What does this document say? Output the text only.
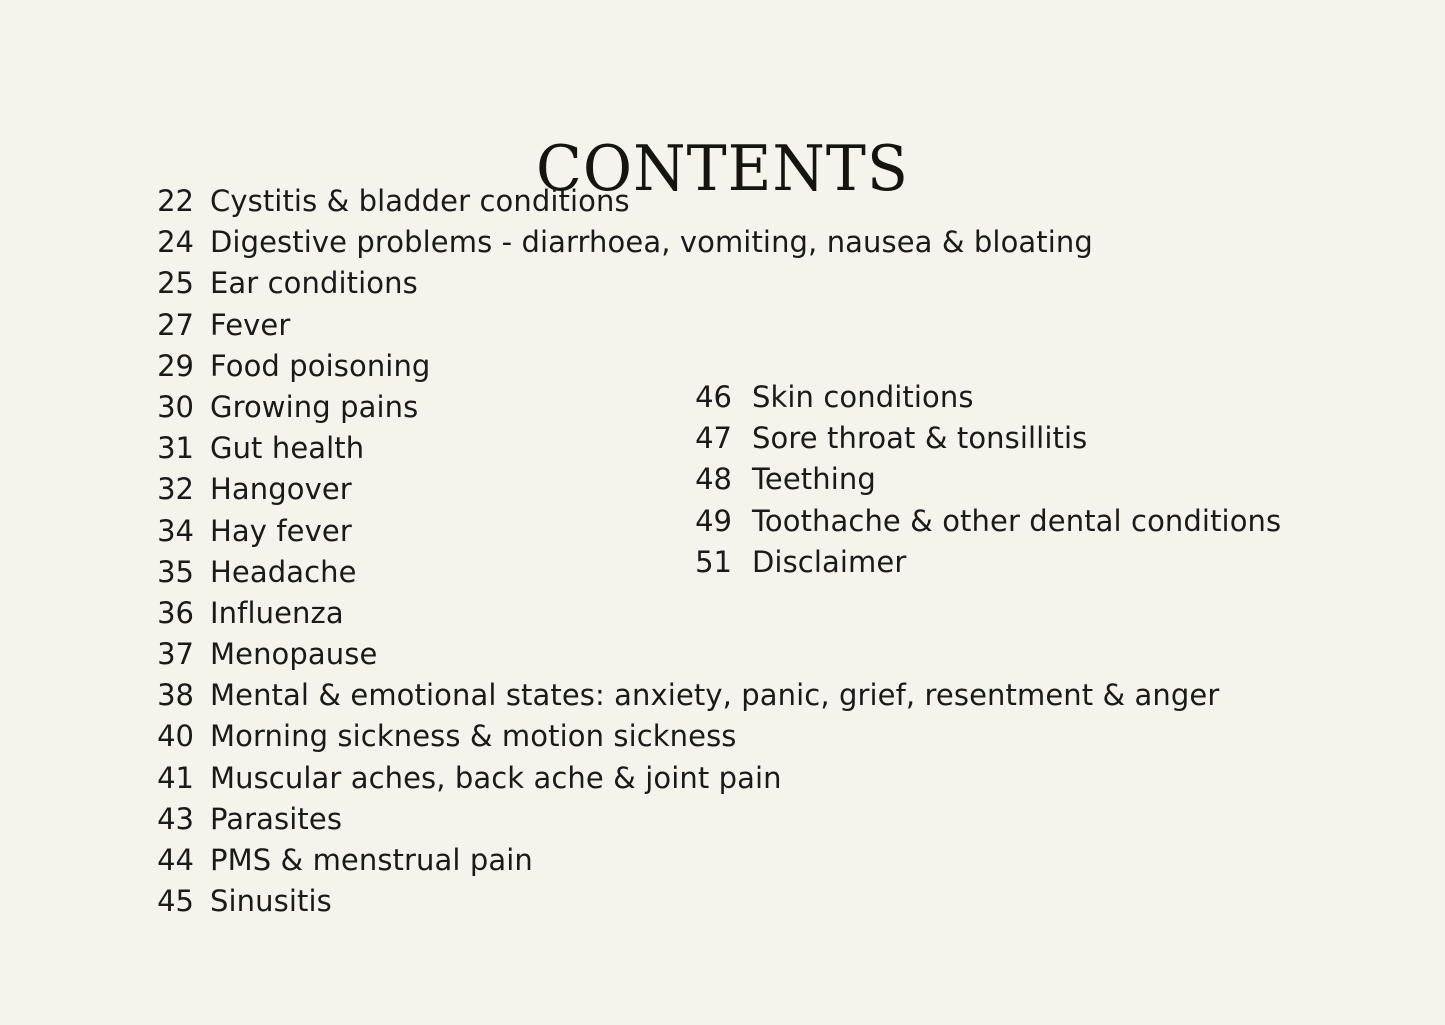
CONTENTS
22 Cystitis & bladder conditions
24 Digestive problems - diarrhoea, vomiting, nausea & bloating
25 Ear conditions
27 Fever
29 Food poisoning
30 Growing pains
31 Gut health
32 Hangover
34 Hay fever
35 Headache
36 Influenza
37 Menopause
38 Mental & emotional states: anxiety, panic, grief, resentment & anger
40 Morning sickness & motion sickness
41 Muscular aches, back ache & joint pain
43 Parasites
44 PMS & menstrual pain
45 Sinusitis
46 Skin conditions
47 Sore throat & tonsillitis
48 Teething
49 Toothache & other dental conditions
51 Disclaimer
